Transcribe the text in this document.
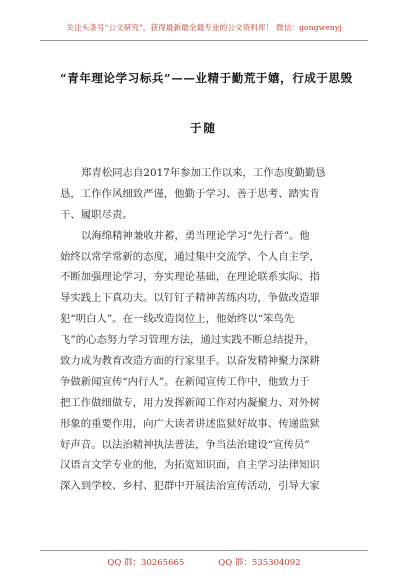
关注头条号"公文研究"，获得最新最全最专业的公文资料库！ 微信：gongwenyj
“青年理论学习标兵”——业精于勤荒于嬉，行成于思毁
于随
郑青松同志自2017年参加工作以来，工作态度勤勤恳
恳，工作作风细致严谨，他勤于学习、善于思考、踏实肯
干、履职尽责。
以海绵精神兼收并蓄，勇当理论学习“先行者”。他
始终以常学常新的态度，通过集中交流学、个人自主学，
不断加强理论学习，夯实理论基础，在理论联系实际、指
导实践上下真功夫。以钉钉子精神苦练内功，争做改造罪
犯“明白人”。在一线改造岗位上，他始终以“笨鸟先
飞”的心态努力学习管理方法，通过实践不断总结提升，
致力成为教育改造方面的行家里手。以奋发精神聚力深耕
争做新闻宣传“内行人”。在新闻宣传工作中，他致力于
把工作做细做专，用力发挥新闻工作对内凝聚力、对外树
形象的重要作用，向广大读者讲述监狱好故事、传递监狱
好声音。以法治精神执法普法，争当法治建设“宣传员”
汉语言文学专业的他，为拓宽知识面，自主学习法律知识
深入到学校、乡村、犯群中开展法治宣传活动，引导大家
QQ 群：30265665	QQ 群：535304092
